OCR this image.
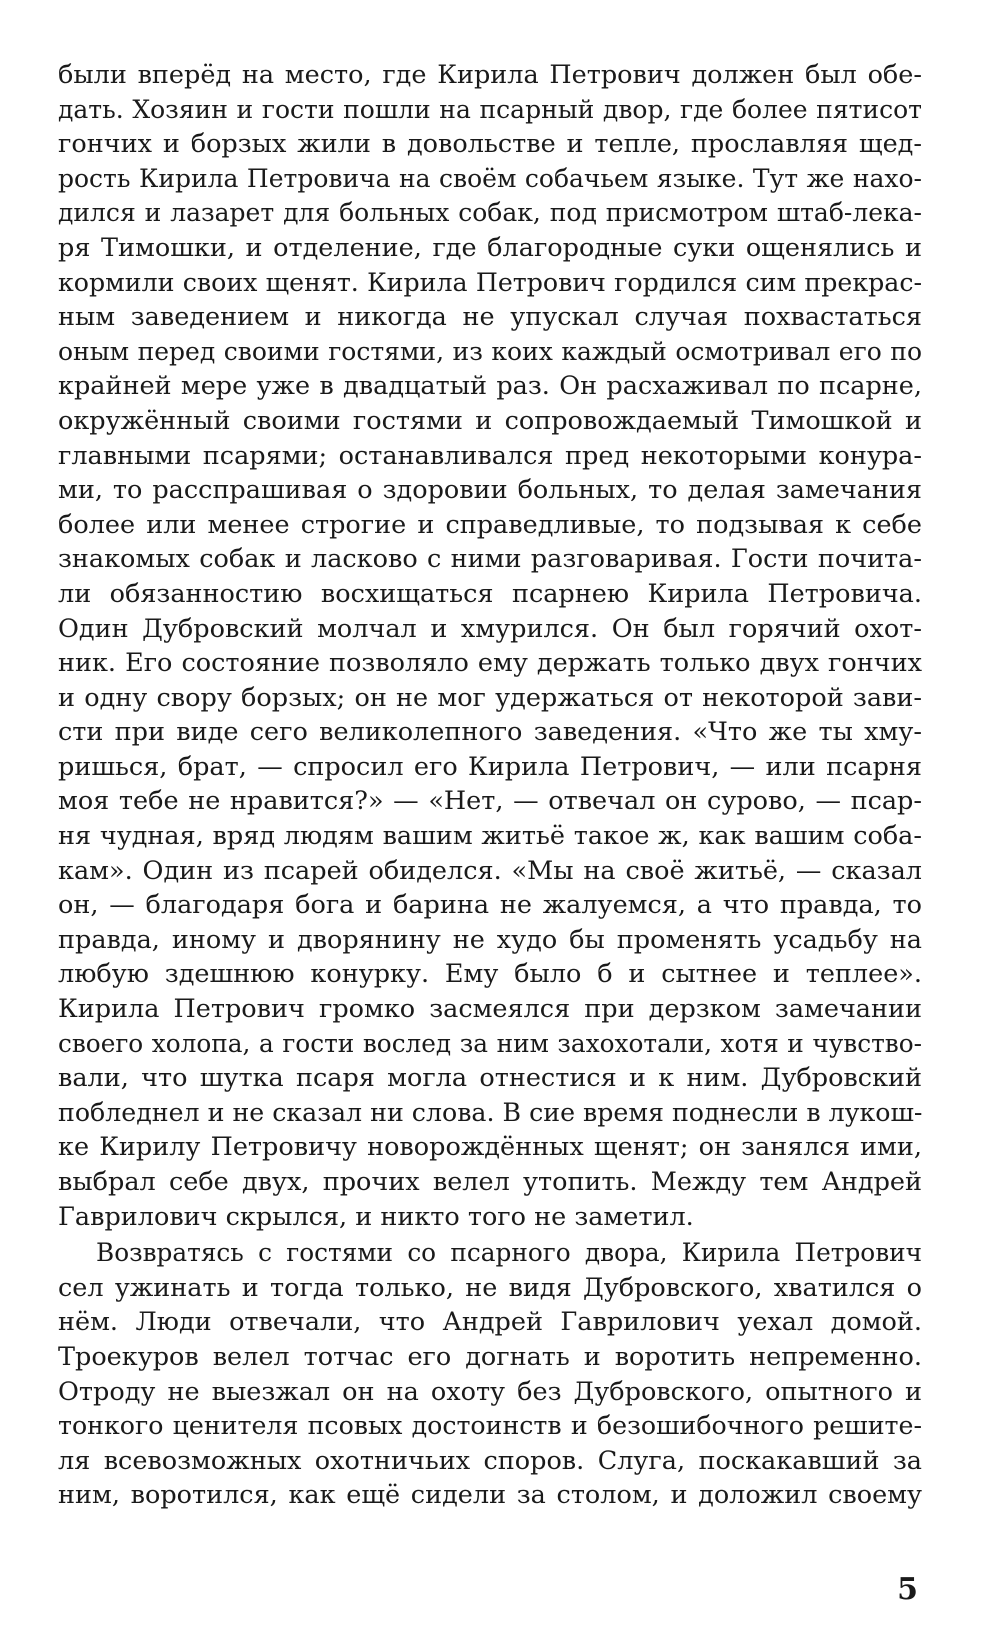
были вперёд на место, где Кирила Петрович должен был обе-
дать. Хозяин и гости пошли на псарный двор, где более пятисот
гончих и борзых жили в довольстве и тепле, прославляя щед-
рость Кирила Петровича на своём собачьем языке. Тут же нахо-
дился и лазарет для больных собак, под присмотром штаб-лека-
ря Тимошки, и отделение, где благородные суки ощенялись и
кормили своих щенят. Кирила Петрович гордился сим прекрас-
ным заведением и никогда не упускал случая похвастаться
оным перед своими гостями, из коих каждый осмотривал его по
крайней мере уже в двадцатый раз. Он расхаживал по псарне,
окружённый своими гостями и сопровождаемый Тимошкой и
главными псарями; останавливался пред некоторыми конура-
ми, то расспрашивая о здоровии больных, то делая замечания
более или менее строгие и справедливые, то подзывая к себе
знакомых собак и ласково с ними разговаривая. Гости почита-
ли обязанностию восхищаться псарнею Кирила Петровича.
Один Дубровский молчал и хмурился. Он был горячий охот-
ник. Его состояние позволяло ему держать только двух гончих
и одну свору борзых; он не мог удержаться от некоторой зави-
сти при виде сего великолепного заведения. «Что же ты хму-
ришься, брат, — спросил его Кирила Петрович, — или псарня
моя тебе не нравится?» — «Нет, — отвечал он сурово, — псар-
ня чудная, вряд людям вашим житьё такое ж, как вашим соба-
кам». Один из псарей обиделся. «Мы на своё житьё, — сказал
он, — благодаря бога и барина не жалуемся, а что правда, то
правда, иному и дворянину не худо бы променять усадьбу на
любую здешнюю конурку. Ему было б и сытнее и теплее».
Кирила Петрович громко засмеялся при дерзком замечании
своего холопа, а гости вослед за ним захохотали, хотя и чувство-
вали, что шутка псаря могла отнестися и к ним. Дубровский
побледнел и не сказал ни слова. В сие время поднесли в лукош-
ке Кирилу Петровичу новорождённых щенят; он занялся ими,
выбрал себе двух, прочих велел утопить. Между тем Андрей
Гаврилович скрылся, и никто того не заметил.
Возвратясь с гостями со псарного двора, Кирила Петрович
сел ужинать и тогда только, не видя Дубровского, хватился о
нём. Люди отвечали, что Андрей Гаврилович уехал домой.
Троекуров велел тотчас его догнать и воротить непременно.
Отроду не выезжал он на охоту без Дубровского, опытного и
тонкого ценителя псовых достоинств и безошибочного решите-
ля всевозможных охотничьих споров. Слуга, поскакавший за
ним, воротился, как ещё сидели за столом, и доложил своему
5
